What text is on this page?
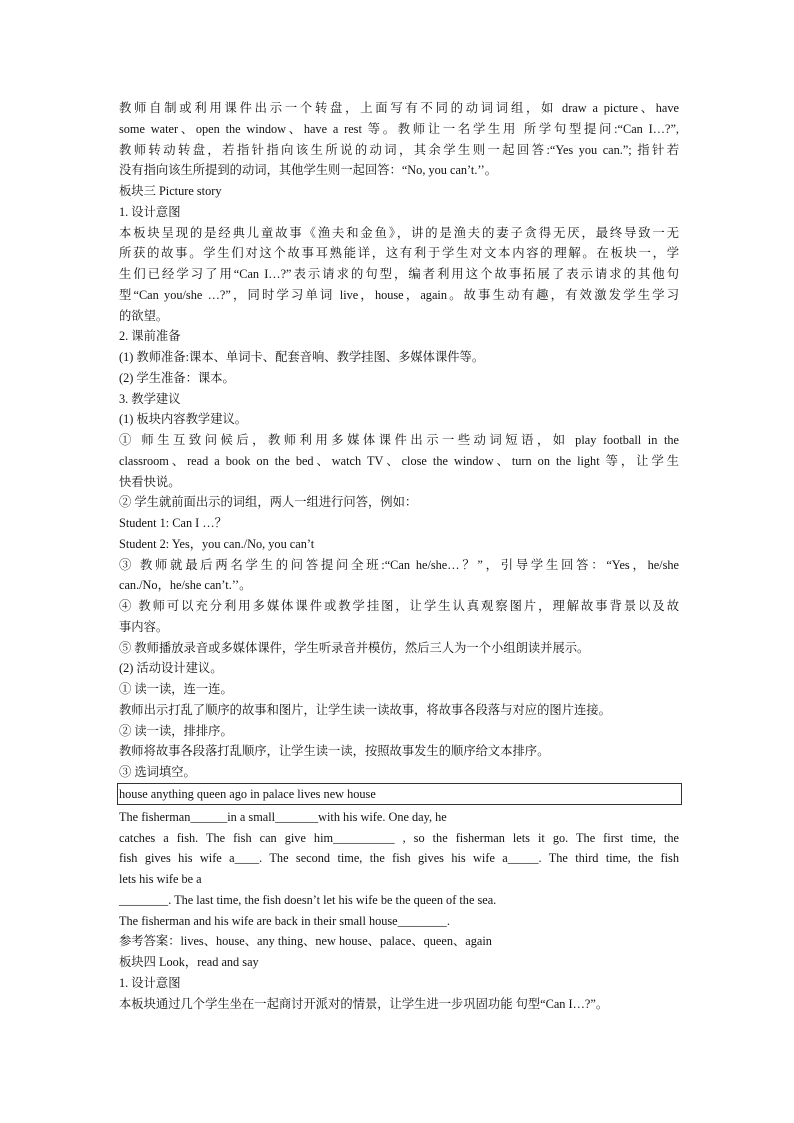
教师自制或利用课件出示一个转盘，上面写有不同的动词词组，如 draw a picture、have
some water、open the window、have a rest 等。教师让一名学生用 所学句型提问:“Can I…?”,
教师转动转盘，若指针指向该生所说的动词，其余学生则一起回答:“Yes you can.”; 指针若
没有指向该生所提到的动词，其他学生则一起回答：“No, you can’t.’’。
板块三 Picture story
1. 设计意图
本板块呈现的是经典儿童故事《渔夫和金鱼》，讲的是渔夫的妻子贪得无厌，最终导致一无
所获的故事。学生们对这个故事耳熟能详，这有利于学生对文本内容的理解。在板块一，学
生们已经学习了用“Can I…?”表示请求的句型，编者利用这个故事拓展了表示请求的其他句
型“Can you/she …?”，同时学习单词 live，house，again。故事生动有趣，有效激发学生学习
的欲望。
2. 课前准备
(1) 教师准备:课本、单词卡、配套音响、教学挂图、多媒体课件等。
(2) 学生准备：课本。
3. 教学建议
(1) 板块内容教学建议。
① 师生互致问候后，教师利用多媒体课件出示一些动词短语，如 play football in the
classroom、read a book on the bed、watch TV、close the window、turn on the light 等，让学生
快看快说。
② 学生就前面出示的词组，两人一组进行问答，例如：
Student 1: Can I …？
Student 2: Yes，you can./No, you can’t
③ 教师就最后两名学生的问答提问全班:“Can he/she…？”，引导学生回答：“Yes，he/she
can./No，he/she can’t.’’。
④ 教师可以充分利用多媒体课件或教学挂图，让学生认真观察图片，理解故事背景以及故
事内容。
⑤ 教师播放录音或多媒体课件，学生听录音并模仿，然后三人为一个小组朗读并展示。
(2) 活动设计建议。
① 读一读，连一连。
教师出示打乱了顺序的故事和图片，让学生读一读故事，将故事各段落与对应的图片连接。
② 读一读，排排序。
教师将故事各段落打乱顺序，让学生读一读，按照故事发生的顺序给文本排序。
③ 选词填空。
house anything queen ago in palace lives new house
The fisherman______in a small_______with his wife. One day, he
catches a fish. The fish can give him__________ , so the fisherman lets it go. The first time, the
fish gives his wife a____. The second time, the fish gives his wife a_____. The third time, the fish
lets his wife be a
________. The last time, the fish doesn’t let his wife be the queen of the sea.
The fisherman and his wife are back in their small house________.
参考答案：lives、house、any thing、new house、palace、queen、again
板块四 Look，read and say
1. 设计意图
本板块通过几个学生坐在一起商讨开派对的情景，让学生进一步巩固功能 句型“Can I…?”。
